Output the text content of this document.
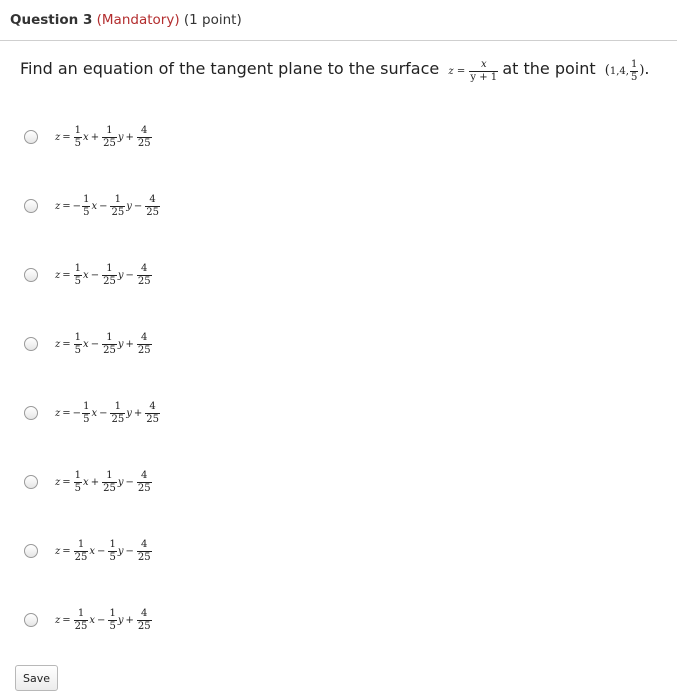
Question 3 (Mandatory) (1 point)
Find an equation of the tangent plane to the surface $z = \frac{x}{y + 1}$ at the point (1,4, $\frac{1}{5}$ ).
$z = \frac{1}{5}$ $x + \frac{1}{25}$ $y + \frac{4}{25}$
z = − $\frac{1}{5}$ $x - \frac{1}{25}$ $y - \frac{4}{25}$
$z = \frac{1}{5}$ $x - \frac{1}{25}$ $y - \frac{4}{25}$
$z = \frac{1}{5}$ $x - \frac{1}{25}$ $y + \frac{4}{25}$
z = − $\frac{1}{5}$ $x - \frac{1}{25}$ $y + \frac{4}{25}$
$z = \frac{1}{5}$ $x + \frac{1}{25}$ $y - \frac{4}{25}$
$z = \frac{1}{25}$ $x - \frac{1}{5}$ $y - \frac{4}{25}$
$z = \frac{1}{25}$ $x - \frac{1}{5}$ $y + \frac{4}{25}$
Save
